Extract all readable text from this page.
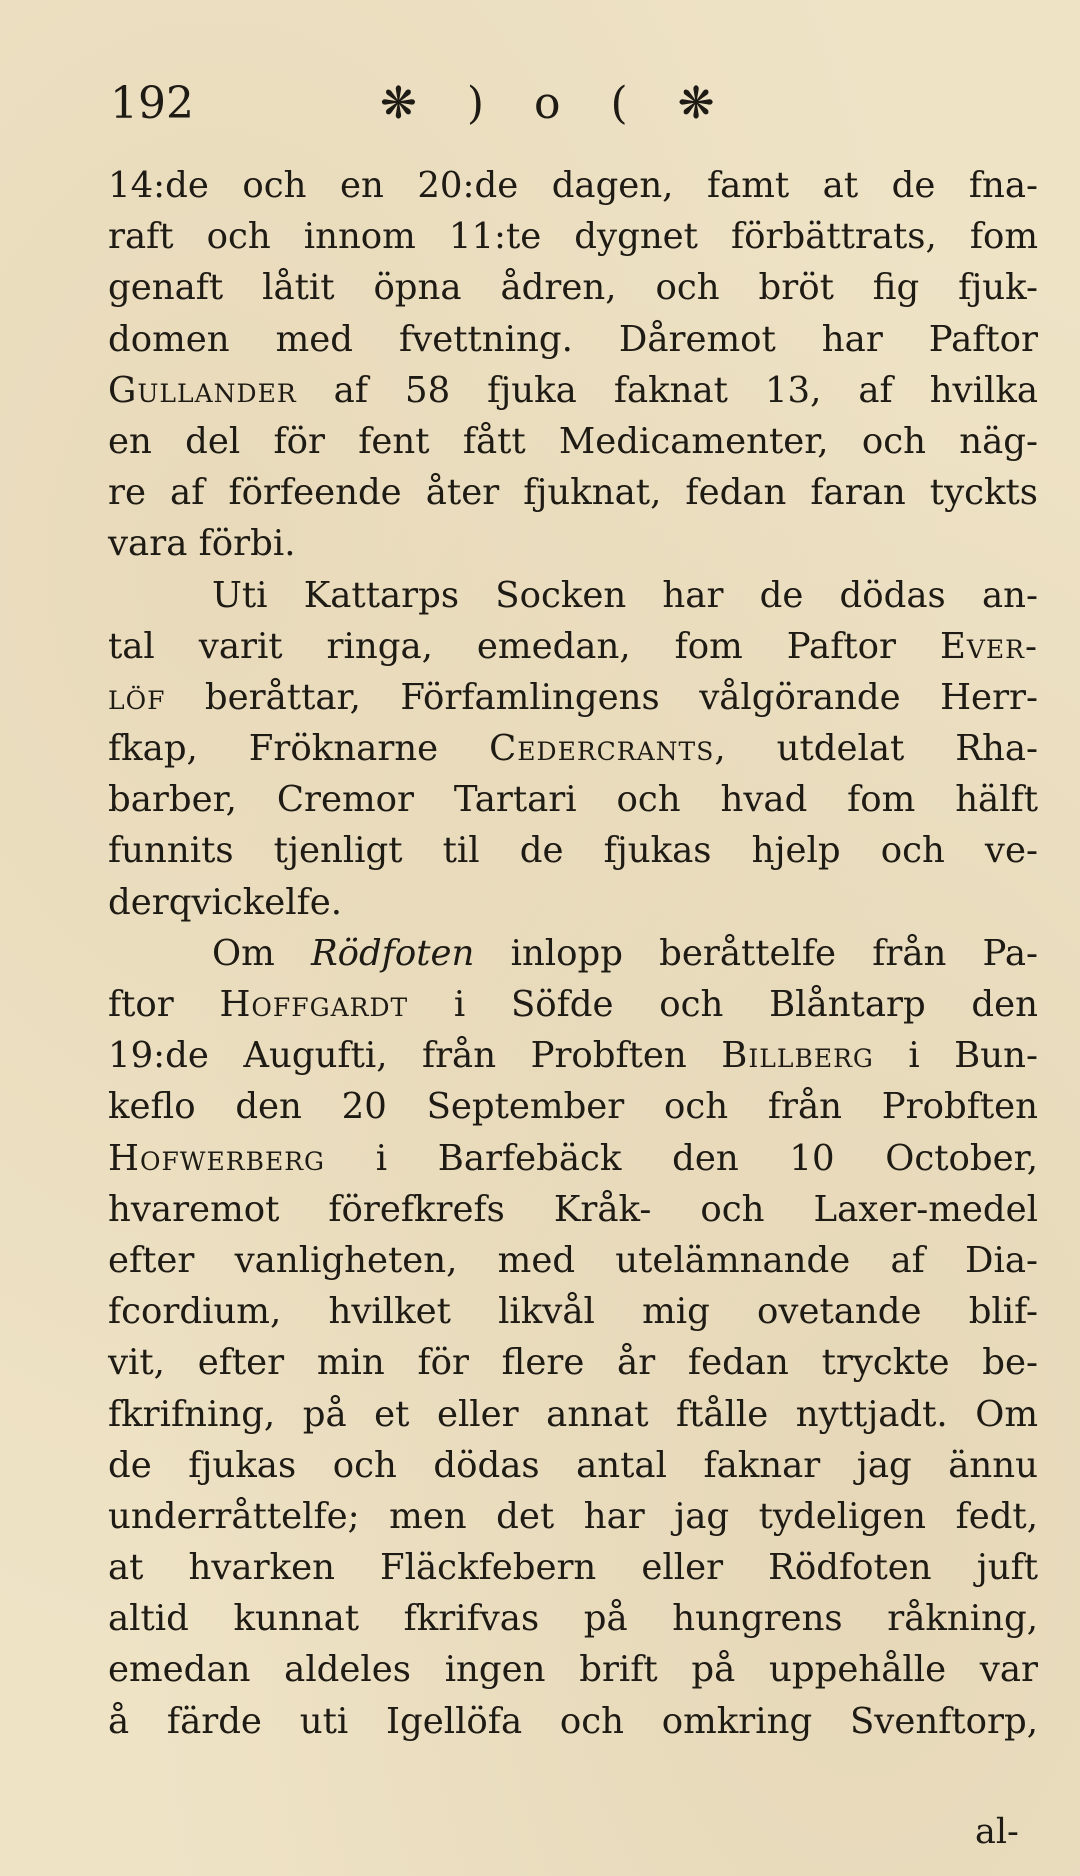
192	❋ ) o ( ❋
14:de och en 20:de dagen, famt at de fna-
raft och innom 11:te dygnet förbättrats, fom
genaft låtit öpna ådren, och bröt fig fjuk-
domen med fvettning. Dåremot har Paftor
Gullander af 58 fjuka faknat 13, af hvilka
en del för fent fått Medicamenter, och näg-
re af förfeende åter fjuknat, fedan faran tyckts
vara förbi.
Uti Kattarps Socken har de dödas an-
tal varit ringa, emedan, fom Paftor Ever-
löf beråttar, Förfamlingens vålgörande Herr-
fkap, Fröknarne Cedercrants, utdelat Rha-
barber, Cremor Tartari och hvad fom hälft
funnits tjenligt til de fjukas hjelp och ve-
derqvickelfe.
Om Rödfoten inlopp beråttelfe från Pa-
ftor Hoffgardt i Söfde och Blåntarp den
19:de Augufti, från Probften Billberg i Bun-
keflo den 20 September och från Probften
Hofwerberg i Barfebäck den 10 October,
hvaremot förefkrefs Kråk- och Laxer-medel
efter vanligheten, med utelämnande af Dia-
fcordium, hvilket likvål mig ovetande blif-
vit, efter min för flere år fedan tryckte be-
fkrifning, på et eller annat ftålle nyttjadt. Om
de fjukas och dödas antal faknar jag ännu
underråttelfe; men det har jag tydeligen fedt,
at hvarken Fläckfebern eller Rödfoten juft
altid kunnat fkrifvas på hungrens råkning,
emedan aldeles ingen brift på uppehålle var
å färde uti Igellöfa och omkring Svenftorp,
al-
